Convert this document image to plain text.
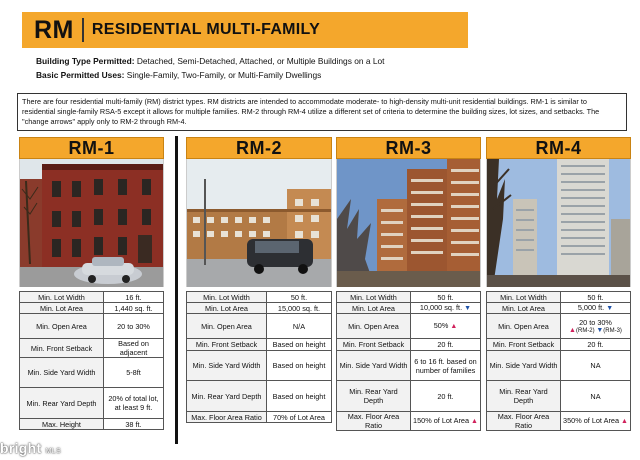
RM RESIDENTIAL MULTI-FAMILY
Building Type Permitted: Detached, Semi-Detached, Attached, or Multiple Buildings on a Lot
Basic Permitted Uses: Single-Family, Two-Family, or Multi-Family Dwellings
There are four residential multi-family (RM) district types. RM districts are intended to accommodate moderate- to high-density multi-unit residential buildings. RM-1 is similar to residential single-family RSA-5 except it allows for multiple families. RM-2 through RM-4 utilize a different set of criteria to determine the building sizes, lot sizes, and setbacks. The "change arrows" apply only to RM-2 through RM-4.
RM-1	RM-2	RM-3	RM-4
Min. Lot Width	16 ft.
Min. Lot Area	1,440 sq. ft.
Min. Open Area	20 to 30%
Min. Front Setback	Based on adjacent
Min. Side Yard Width	5-8ft
Min. Rear Yard Depth	20% of total lot, at least 9 ft.
Max. Height	38 ft.
Min. Lot Width	50 ft.
Min. Lot Area	15,000 sq. ft.
Min. Open Area	N/A
Min. Front Setback	Based on height
Min. Side Yard Width	Based on height
Min. Rear Yard Depth	Based on height
Max. Floor Area Ratio	70% of Lot Area
Min. Lot Width	50 ft.
Min. Lot Area	10,000 sq. ft. ▼
Min. Open Area	50% ▲
Min. Front Setback	20 ft.
Min. Side Yard Width	6 to 16 ft. based on number of families
Min. Rear Yard Depth	20 ft.
Max. Floor Area Ratio	150% of Lot Area ▲
Min. Lot Width	50 ft.
Min. Lot Area	5,000 ft. ▼
Min. Open Area	20 to 30%
▲(RM-2) ▼(RM-3)

Min. Front Setback	20 ft.
Min. Side Yard Width	NA
Min. Rear Yard Depth	NA
Max. Floor Area Ratio	350% of Lot Area ▲
bright MLS
